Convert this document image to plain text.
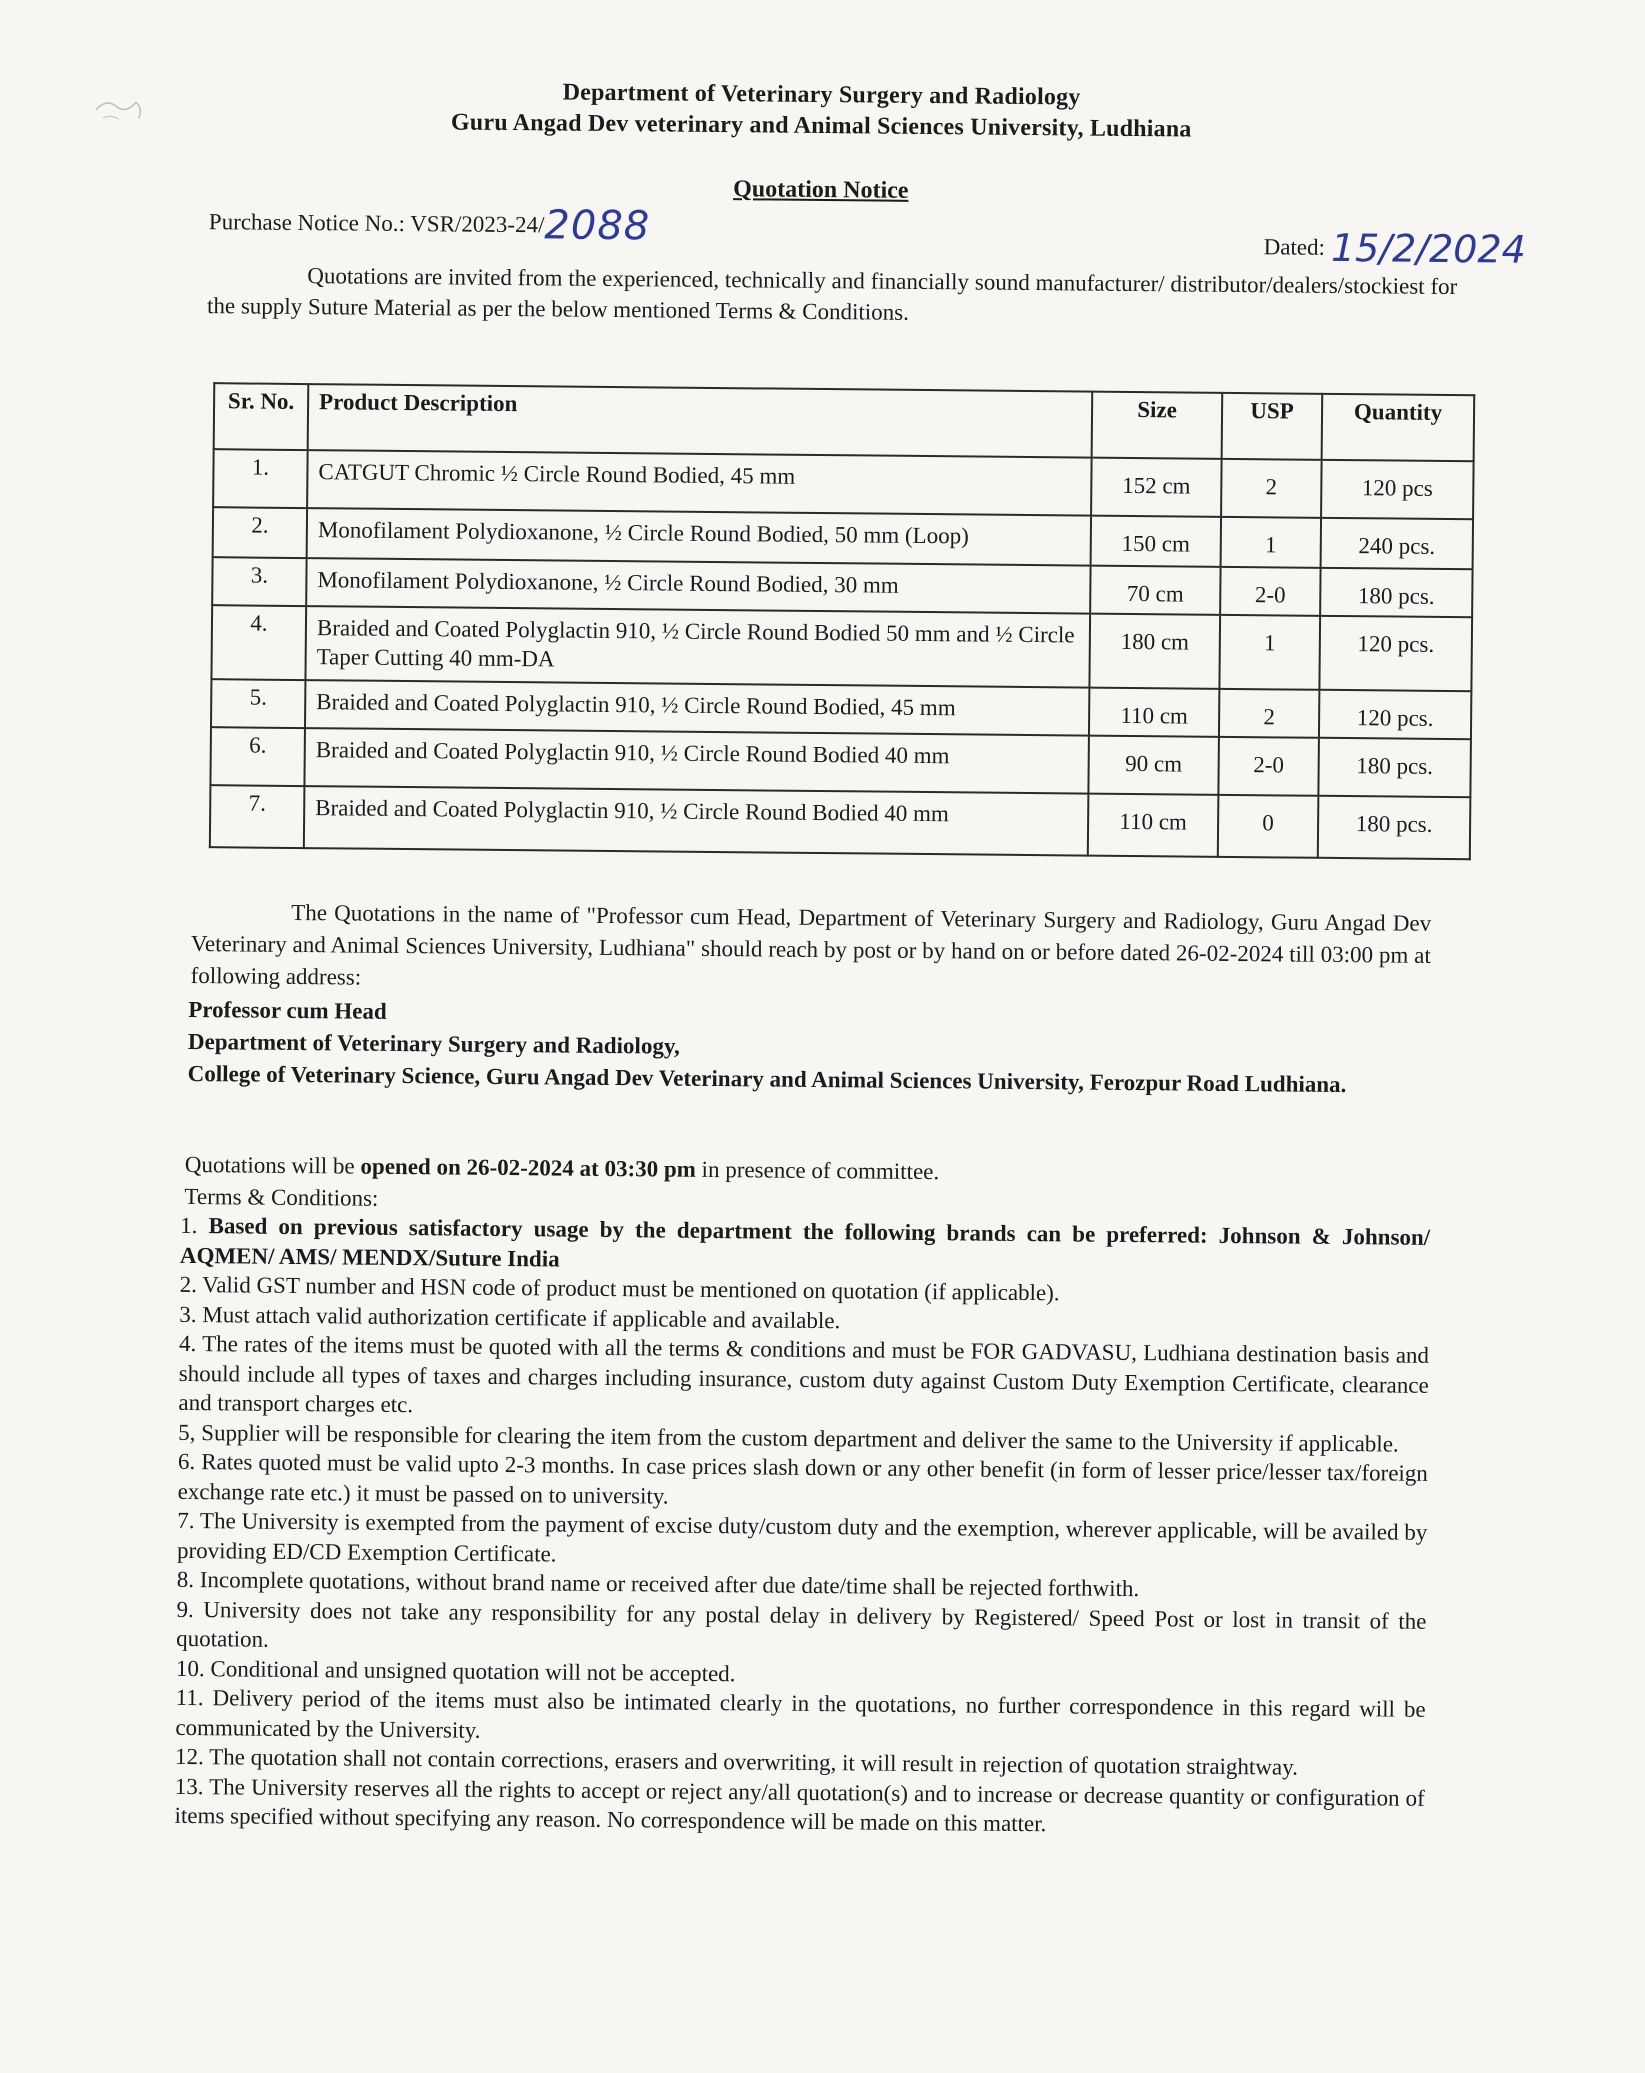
Department of Veterinary Surgery and Radiology
Guru Angad Dev veterinary and Animal Sciences University, Ludhiana
Quotation Notice
Purchase Notice No.: VSR/2023-24/2088	Dated: 15/2/2024
Quotations are invited from the experienced, technically and financially sound manufacturer/ distributor/dealers/stockiest for the supply Suture Material as per the below mentioned Terms & Conditions.
Sr. No.	Product Description	Size	USP	Quantity
1.	CATGUT Chromic ½ Circle Round Bodied, 45 mm	152 cm	2	120 pcs
2.	Monofilament Polydioxanone, ½ Circle Round Bodied, 50 mm (Loop)	150 cm	1	240 pcs.
3.	Monofilament Polydioxanone, ½ Circle Round Bodied, 30 mm	70 cm	2-0	180 pcs.
4.	Braided and Coated Polyglactin 910, ½ Circle Round Bodied 50 mm and ½ Circle Taper Cutting 40 mm-DA	180 cm	1	120 pcs.
5.	Braided and Coated Polyglactin 910, ½ Circle Round Bodied, 45 mm	110 cm	2	120 pcs.
6.	Braided and Coated Polyglactin 910, ½ Circle Round Bodied 40 mm	90 cm	2-0	180 pcs.
7.	Braided and Coated Polyglactin 910, ½ Circle Round Bodied 40 mm	110 cm	0	180 pcs.
The Quotations in the name of "Professor cum Head, Department of Veterinary Surgery and Radiology, Guru Angad Dev Veterinary and Animal Sciences University, Ludhiana" should reach by post or by hand on or before dated 26-02-2024 till 03:00 pm at following address:
Professor cum Head
Department of Veterinary Surgery and Radiology,
College of Veterinary Science, Guru Angad Dev Veterinary and Animal Sciences University, Ferozpur Road Ludhiana.
Quotations will be opened on 26-02-2024 at 03:30 pm in presence of committee.
Terms & Conditions:

1. Based on previous satisfactory usage by the department the following brands can be preferred: Johnson & Johnson/ AQMEN/ AMS/ MENDX/Suture India

2. Valid GST number and HSN code of product must be mentioned on quotation (if applicable).

3. Must attach valid authorization certificate if applicable and available.

4. The rates of the items must be quoted with all the terms & conditions and must be FOR GADVASU, Ludhiana destination basis and should include all types of taxes and charges including insurance, custom duty against Custom Duty Exemption Certificate, clearance and transport charges etc.

5, Supplier will be responsible for clearing the item from the custom department and deliver the same to the University if applicable.

6. Rates quoted must be valid upto 2-3 months. In case prices slash down or any other benefit (in form of lesser price/lesser tax/foreign exchange rate etc.) it must be passed on to university.

7. The University is exempted from the payment of excise duty/custom duty and the exemption, wherever applicable, will be availed by providing ED/CD Exemption Certificate.

8. Incomplete quotations, without brand name or received after due date/time shall be rejected forthwith.

9. University does not take any responsibility for any postal delay in delivery by Registered/ Speed Post or lost in transit of the quotation.

10. Conditional and unsigned quotation will not be accepted.

11. Delivery period of the items must also be intimated clearly in the quotations, no further correspondence in this regard will be communicated by the University.

12. The quotation shall not contain corrections, erasers and overwriting, it will result in rejection of quotation straightway.

13. The University reserves all the rights to accept or reject any/all quotation(s) and to increase or decrease quantity or configuration of items specified without specifying any reason. No correspondence will be made on this matter.
